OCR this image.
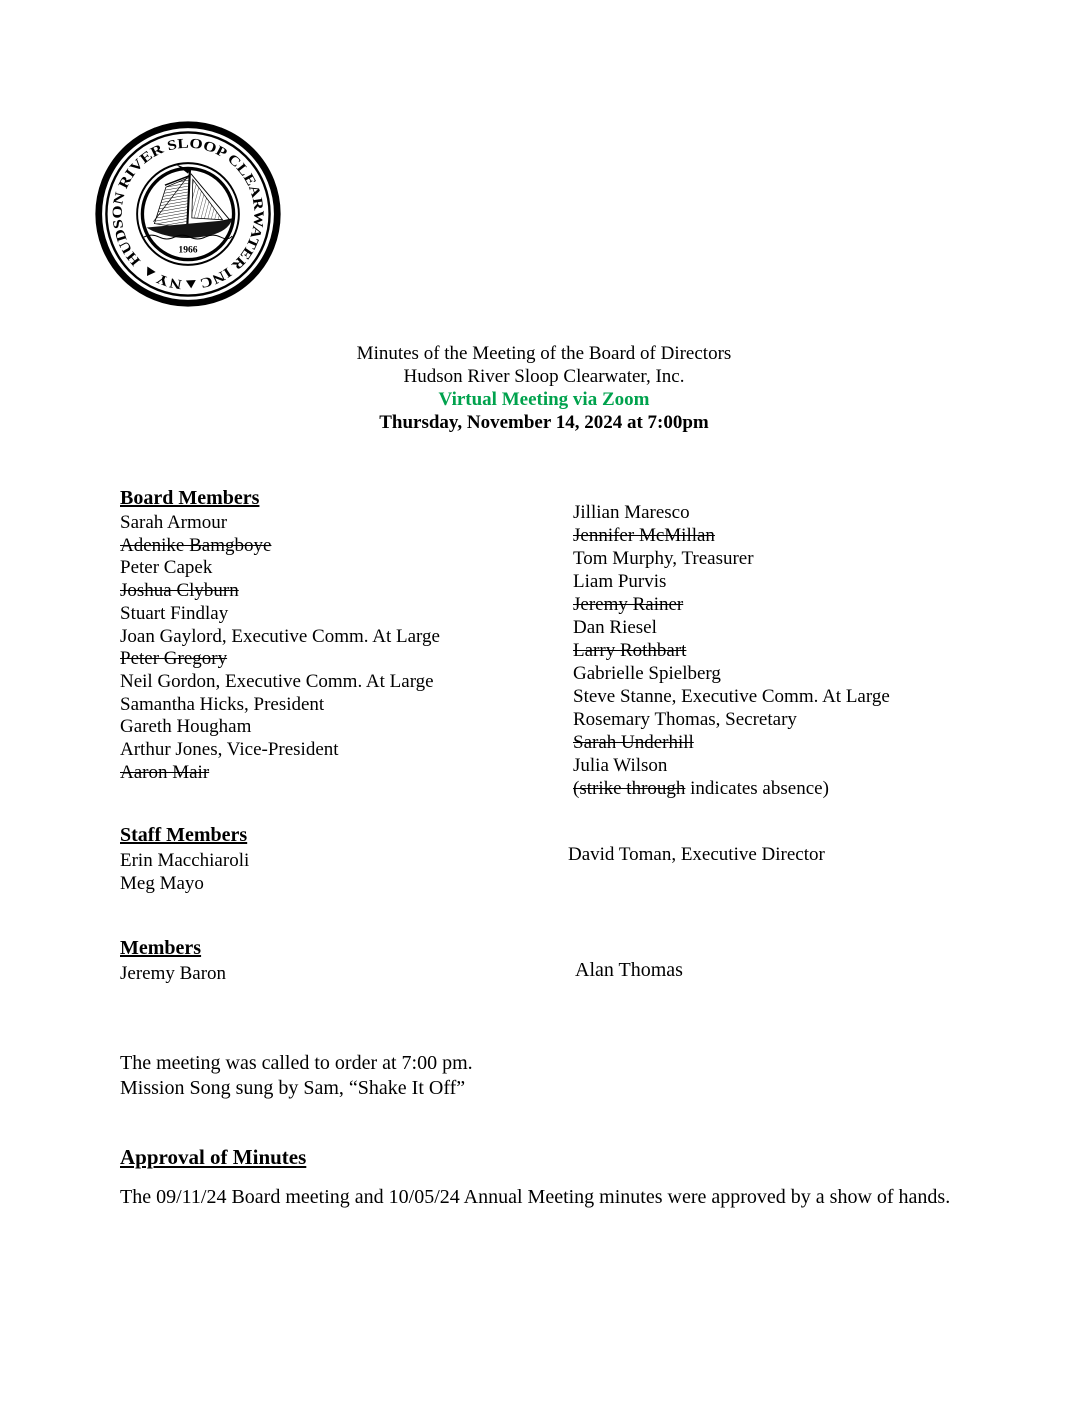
HUDSON RIVER SLOOP CLEARWATER INC▲NY▲
1966
Minutes of the Meeting of the Board of Directors
Hudson River Sloop Clearwater, Inc.
Virtual Meeting via Zoom
Thursday, November 14, 2024 at 7:00pm
Board Members
Sarah Armour
Adenike Bamgboye
Peter Capek
Joshua Clyburn
Stuart Findlay
Joan Gaylord, Executive Comm. At Large
Peter Gregory
Neil Gordon, Executive Comm. At Large
Samantha Hicks, President
Gareth Hougham
Arthur Jones, Vice-President
Aaron Mair
Jillian Maresco
Jennifer McMillan
Tom Murphy, Treasurer
Liam Purvis
Jeremy Rainer
Dan Riesel
Larry Rothbart
Gabrielle Spielberg
Steve Stanne, Executive Comm. At Large
Rosemary Thomas, Secretary
Sarah Underhill
Julia Wilson
(strike through indicates absence)
Staff Members
Erin Macchiaroli
Meg Mayo
David Toman, Executive Director
Members
Jeremy Baron	Alan Thomas
The meeting was called to order at 7:00 pm.
Mission Song sung by Sam, “Shake It Off”
Approval of Minutes
The 09/11/24 Board meeting and 10/05/24 Annual Meeting minutes were approved by a show of hands.
